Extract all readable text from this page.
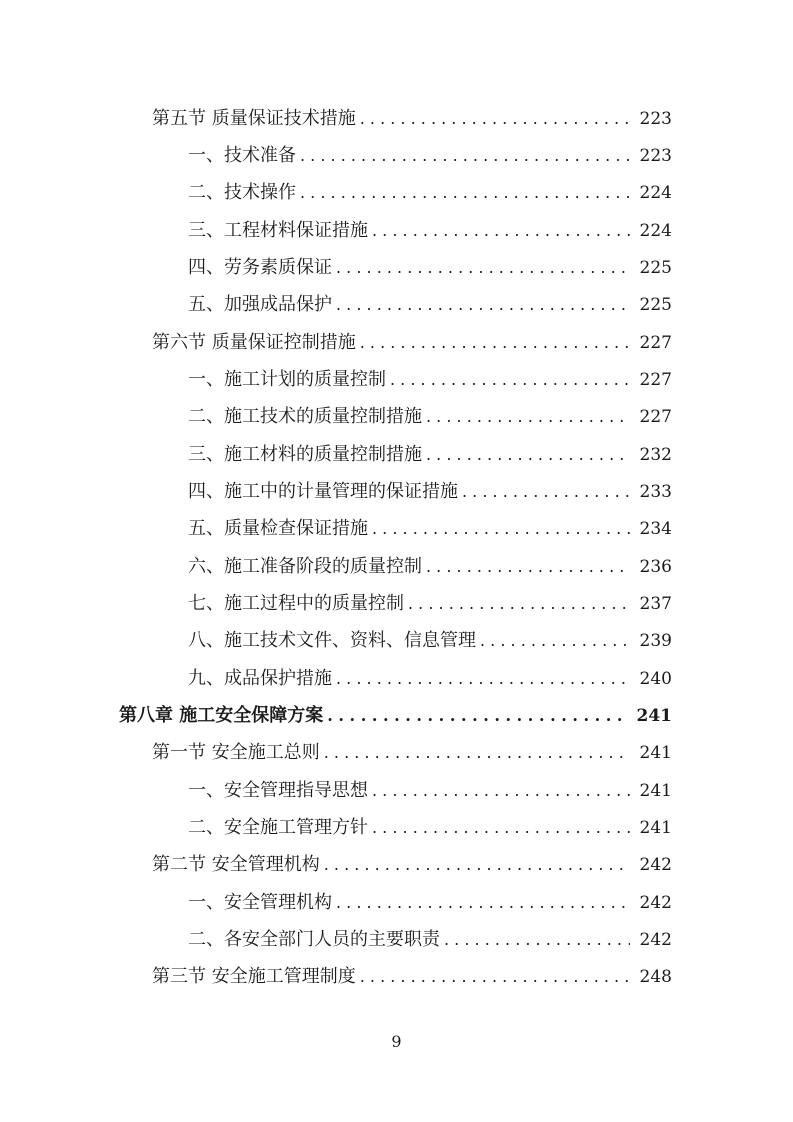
第五节 质量保证技术措施 . . .	223
一、技术准备 . . .	223
二、技术操作 . . .	224
三、工程材料保证措施 . . .	224
四、劳务素质保证 . . .	225
五、加强成品保护 . . .	225
第六节 质量保证控制措施 . . .	227
一、施工计划的质量控制 . . .	227
二、施工技术的质量控制措施 . . .	227
三、施工材料的质量控制措施 . . .	232
四、施工中的计量管理的保证措施 . . .	233
五、质量检查保证措施 . . .	234
六、施工准备阶段的质量控制 . . .	236
七、施工过程中的质量控制 . . .	237
八、施工技术文件、资料、信息管理 . . .	239
九、成品保护措施 . . .	240
第八章 施工安全保障方案 . . .	241
第一节 安全施工总则 . . .	241
一、安全管理指导思想 . . .	241
二、安全施工管理方针 . . .	241
第二节 安全管理机构 . . .	242
一、安全管理机构 . . .	242
二、各安全部门人员的主要职责 . . .	242
第三节 安全施工管理制度 . . .	248
9
